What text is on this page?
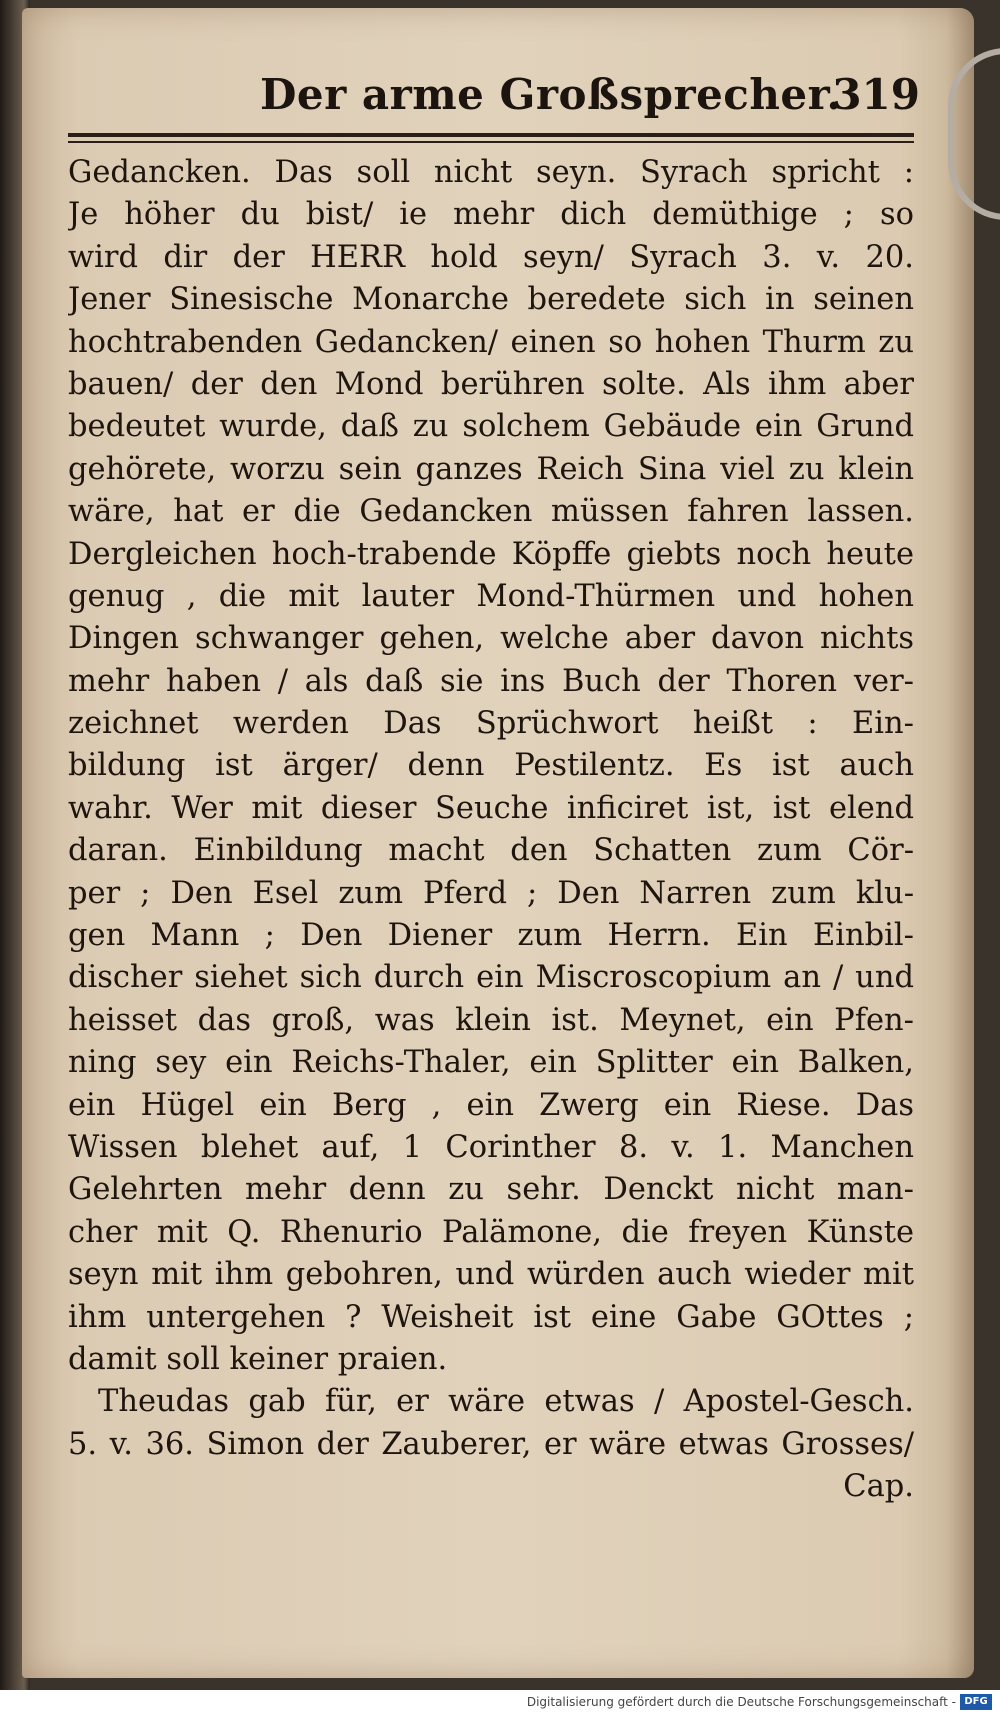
Der arme Großsprecher.
319
Gedancken. Das soll nicht seyn. Syrach spricht :
Je höher du bist/ ie mehr dich demüthige ; so
wird dir der HERR hold seyn/ Syrach 3. v. 20.
Jener Sinesische Monarche beredete sich in seinen
hochtrabenden Gedancken/ einen so hohen Thurm zu
bauen/ der den Mond berühren solte. Als ihm aber
bedeutet wurde, daß zu solchem Gebäude ein Grund
gehörete, worzu sein ganzes Reich Sina viel zu klein
wäre, hat er die Gedancken müssen fahren lassen.
Dergleichen hoch-trabende Köpffe giebts noch heute
genug , die mit lauter Mond-Thürmen und hohen
Dingen schwanger gehen, welche aber davon nichts
mehr haben / als daß sie ins Buch der Thoren ver-
zeichnet werden Das Sprüchwort heißt : Ein-
bildung ist ärger/ denn Pestilentz. Es ist auch
wahr. Wer mit dieser Seuche inficiret ist, ist elend
daran. Einbildung macht den Schatten zum Cör-
per ; Den Esel zum Pferd ; Den Narren zum klu-
gen Mann ; Den Diener zum Herrn. Ein Einbil-
discher siehet sich durch ein Miscroscopium an / und
heisset das groß, was klein ist. Meynet, ein Pfen-
ning sey ein Reichs-Thaler, ein Splitter ein Balken,
ein Hügel ein Berg , ein Zwerg ein Riese. Das
Wissen blehet auf, 1 Corinther 8. v. 1. Manchen
Gelehrten mehr denn zu sehr. Denckt nicht man-
cher mit Q. Rhenurio Palämone, die freyen Künste
seyn mit ihm gebohren, und würden auch wieder mit
ihm untergehen ? Weisheit ist eine Gabe GOttes ;
damit soll keiner praien.
Theudas gab für, er wäre etwas / Apostel-Gesch.
5. v. 36. Simon der Zauberer, er wäre etwas Grosses/
Cap.
Digitalisierung gefördert durch die Deutsche Forschungsgemeinschaft - DFG
